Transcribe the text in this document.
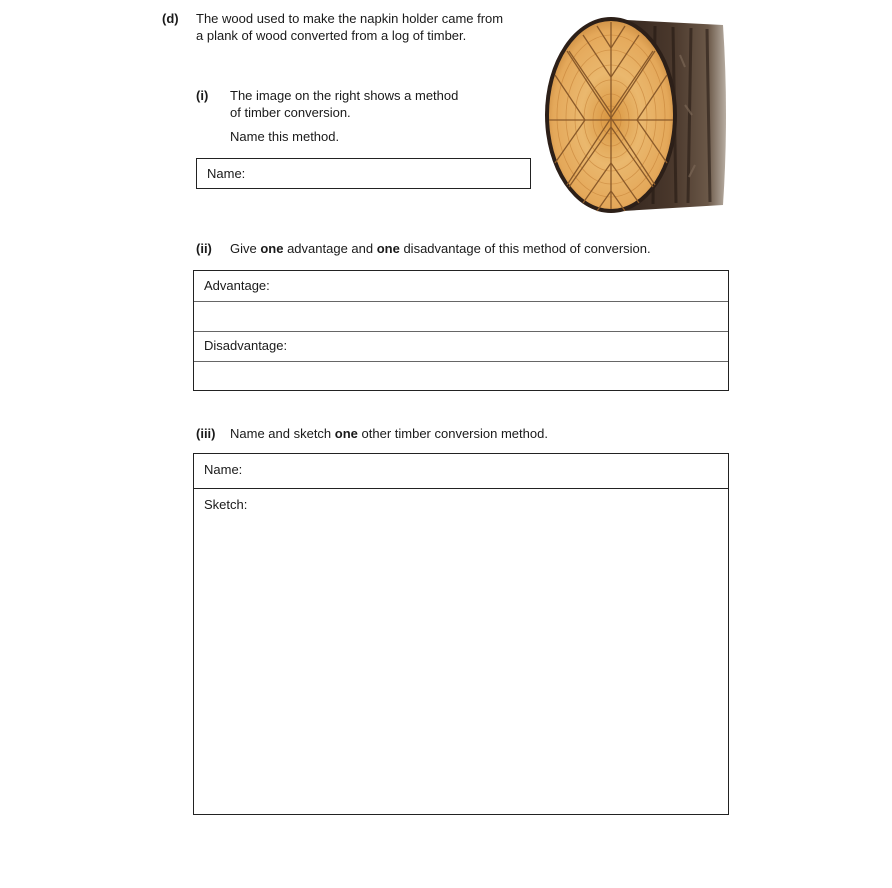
(d) The wood used to make the napkin holder came from
a plank of wood converted from a log of timber.
(i) The image on the right shows a method
of timber conversion.
Name this method.
Name:
(ii) Give one advantage and one disadvantage of this method of conversion.
Advantage:
Disadvantage:
(iii) Name and sketch one other timber conversion method.
Name:
Sketch:
